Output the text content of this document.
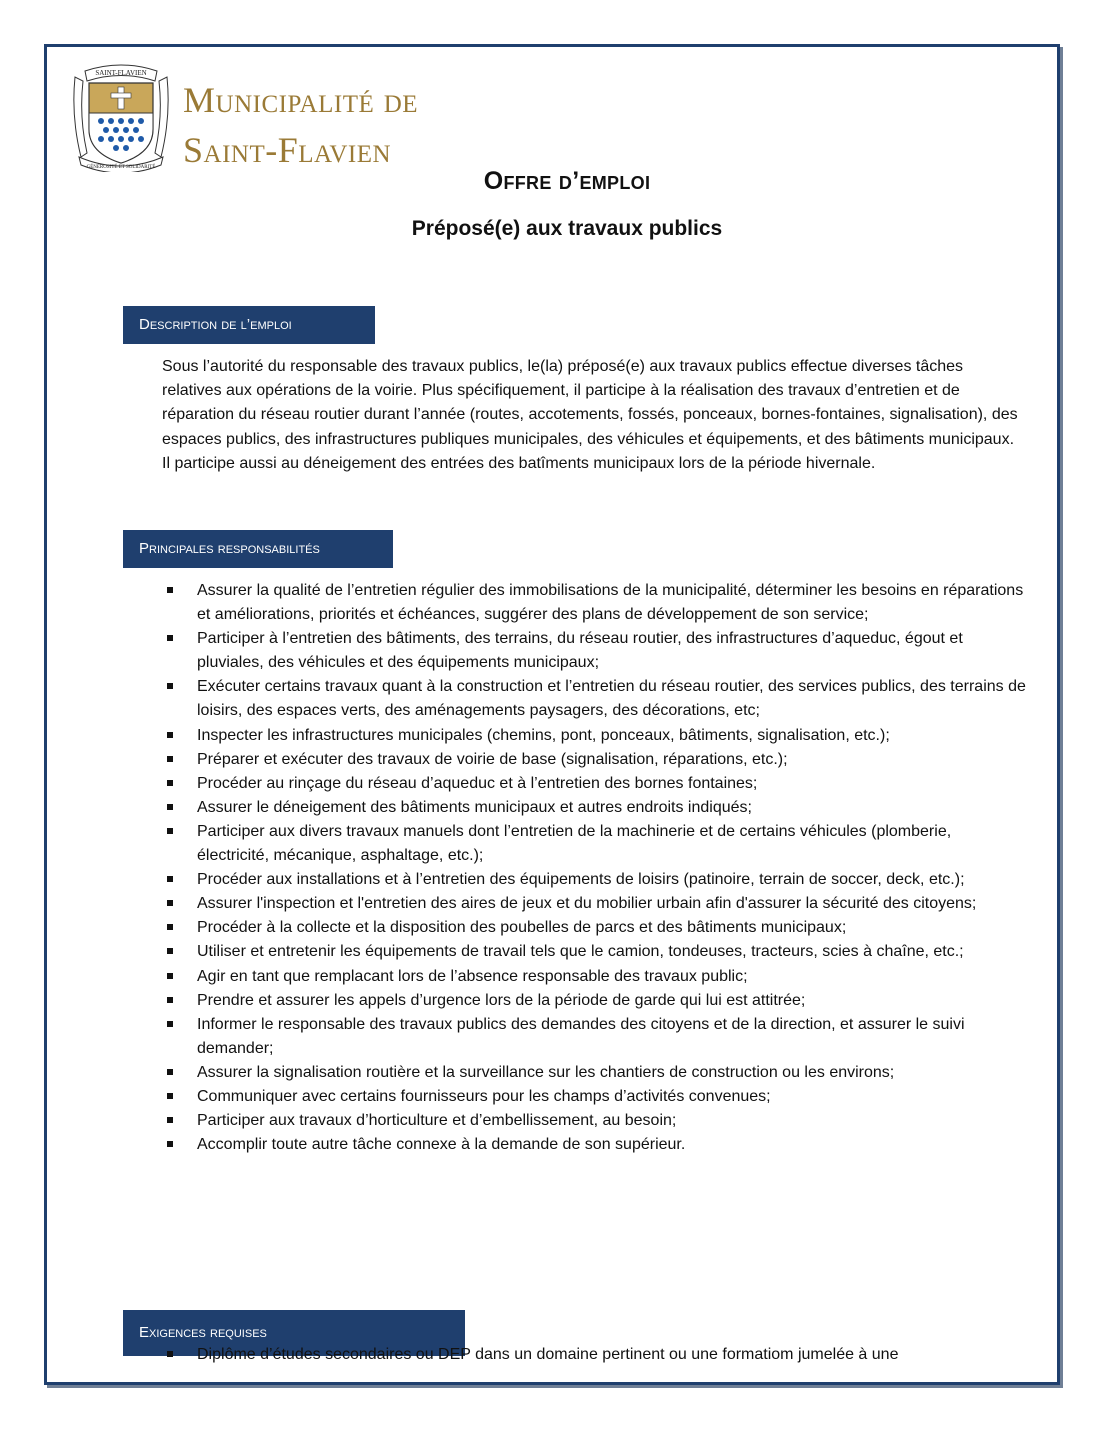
SAINT-FLAVIEN
GÉNÉROSITÉ ET SOLIDARITÉ
Municipalité de
Saint-Flavien
Offre d’emploi
Préposé(e) aux travaux publics
Description de l’emploi

Sous l’autorité du responsable des travaux publics, le(la) préposé(e) aux travaux publics effectue diverses tâches relatives aux opérations de la voirie. Plus spécifiquement, il participe à la réalisation des travaux d’entretien et de réparation du réseau routier durant l’année (routes, accotements, fossés, ponceaux, bornes-fontaines, signalisation), des espaces publics, des infrastructures publiques municipales, des véhicules et équipements, et des bâtiments municipaux. Il participe aussi au déneigement des entrées des batîments municipaux lors de la période hivernale.

Principales responsabilités
Assurer la qualité de l’entretien régulier des immobilisations de la municipalité, déterminer les besoins en réparations et améliorations, priorités et échéances, suggérer des plans de développement de son service;
Participer à l’entretien des bâtiments, des terrains, du réseau routier, des infrastructures d’aqueduc, égout et pluviales, des véhicules et des équipements municipaux;
Exécuter certains travaux quant à la construction et l’entretien du réseau routier, des services publics, des terrains de loisirs, des espaces verts, des aménagements paysagers, des décorations, etc;
Inspecter les infrastructures municipales (chemins, pont, ponceaux, bâtiments, signalisation, etc.);
Préparer et exécuter des travaux de voirie de base (signalisation, réparations, etc.);
Procéder au rinçage du réseau d’aqueduc et à l’entretien des bornes fontaines;
Assurer le déneigement des bâtiments municipaux et autres endroits indiqués;
Participer aux divers travaux manuels dont l’entretien de la machinerie et de certains véhicules (plomberie, électricité, mécanique, asphaltage, etc.);
Procéder aux installations et à l’entretien des équipements de loisirs (patinoire, terrain de soccer, deck, etc.);
Assurer l'inspection et l'entretien des aires de jeux et du mobilier urbain afin d'assurer la sécurité des citoyens;
Procéder à la collecte et la disposition des poubelles de parcs et des bâtiments municipaux;
Utiliser et entretenir les équipements de travail tels que le camion, tondeuses, tracteurs, scies à chaîne, etc.;
Agir en tant que remplacant lors de l’absence responsable des travaux public;
Prendre et assurer les appels d’urgence lors de la période de garde qui lui est attitrée;
Informer le responsable des travaux publics des demandes des citoyens et de la direction, et assurer le suivi demander;
Assurer la signalisation routière et la surveillance sur les chantiers de construction ou les environs;
Communiquer avec certains fournisseurs pour les champs d’activités convenues;
Participer aux travaux d’horticulture et d’embellissement, au besoin;
Accomplir toute autre tâche connexe à la demande de son supérieur.
Exigences requises
Diplôme d’études secondaires ou DEP dans un domaine pertinent ou une formatiom jumelée à une
